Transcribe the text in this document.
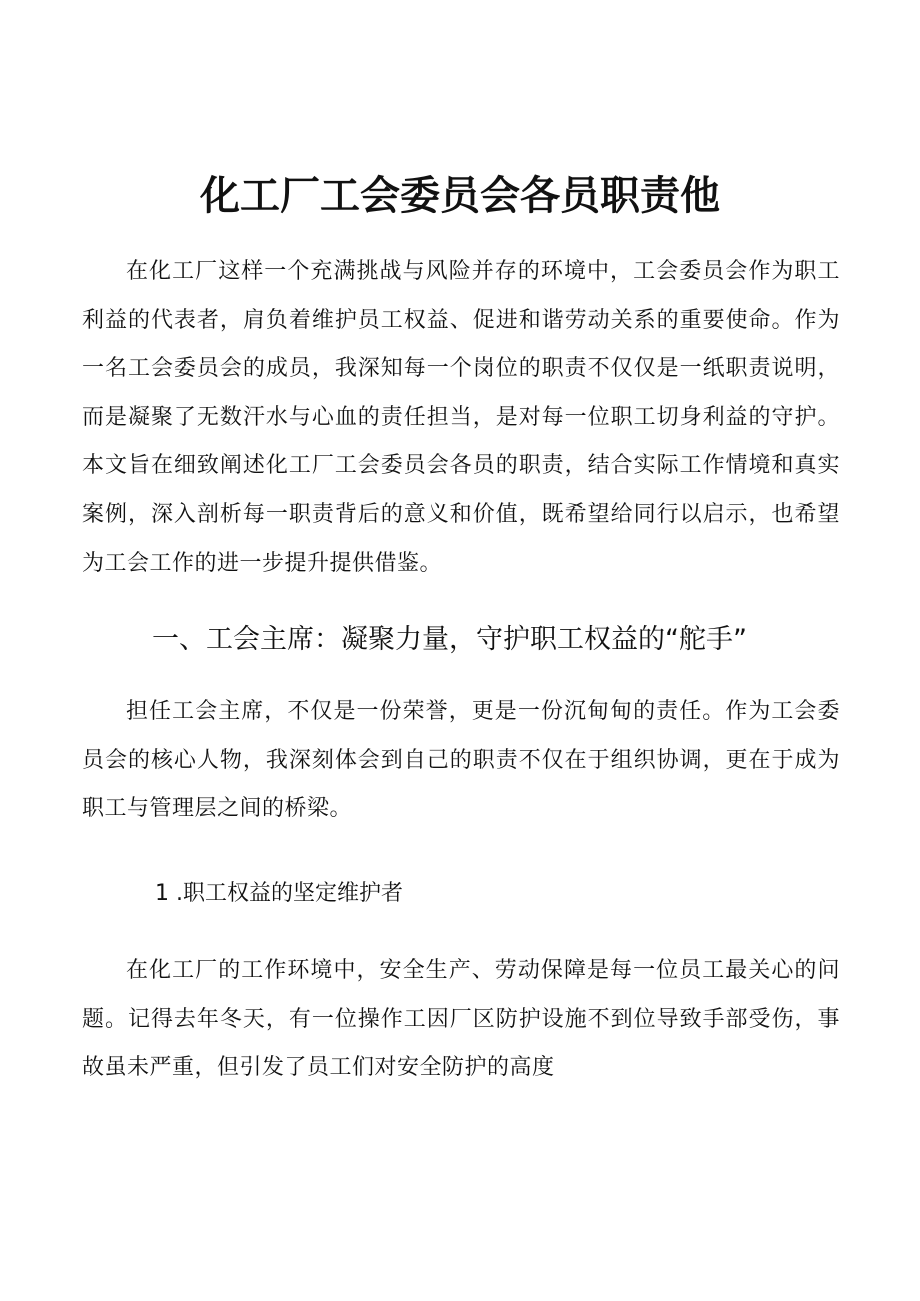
化工厂工会委员会各员职责他

在化工厂这样一个充满挑战与风险并存的环境中，工会委员会作为职工利益的代表者，肩负着维护员工权益、促进和谐劳动关系的重要使命。作为一名工会委员会的成员，我深知每一个岗位的职责不仅仅是一纸职责说明，而是凝聚了无数汗水与心血的责任担当，是对每一位职工切身利益的守护。本文旨在细致阐述化工厂工会委员会各员的职责，结合实际工作情境和真实案例，深入剖析每一职责背后的意义和价值，既希望给同行以启示，也希望为工会工作的进一步提升提供借鉴。

一、工会主席：凝聚力量，守护职工权益的“舵手”

担任工会主席，不仅是一份荣誉，更是一份沉甸甸的责任。作为工会委员会的核心人物，我深刻体会到自己的职责不仅在于组织协调，更在于成为职工与管理层之间的桥梁。

1 .职工权益的坚定维护者

在化工厂的工作环境中，安全生产、劳动保障是每一位员工最关心的问题。记得去年冬天，有一位操作工因厂区防护设施不到位导致手部受伤，事故虽未严重，但引发了员工们对安全防护的高度
